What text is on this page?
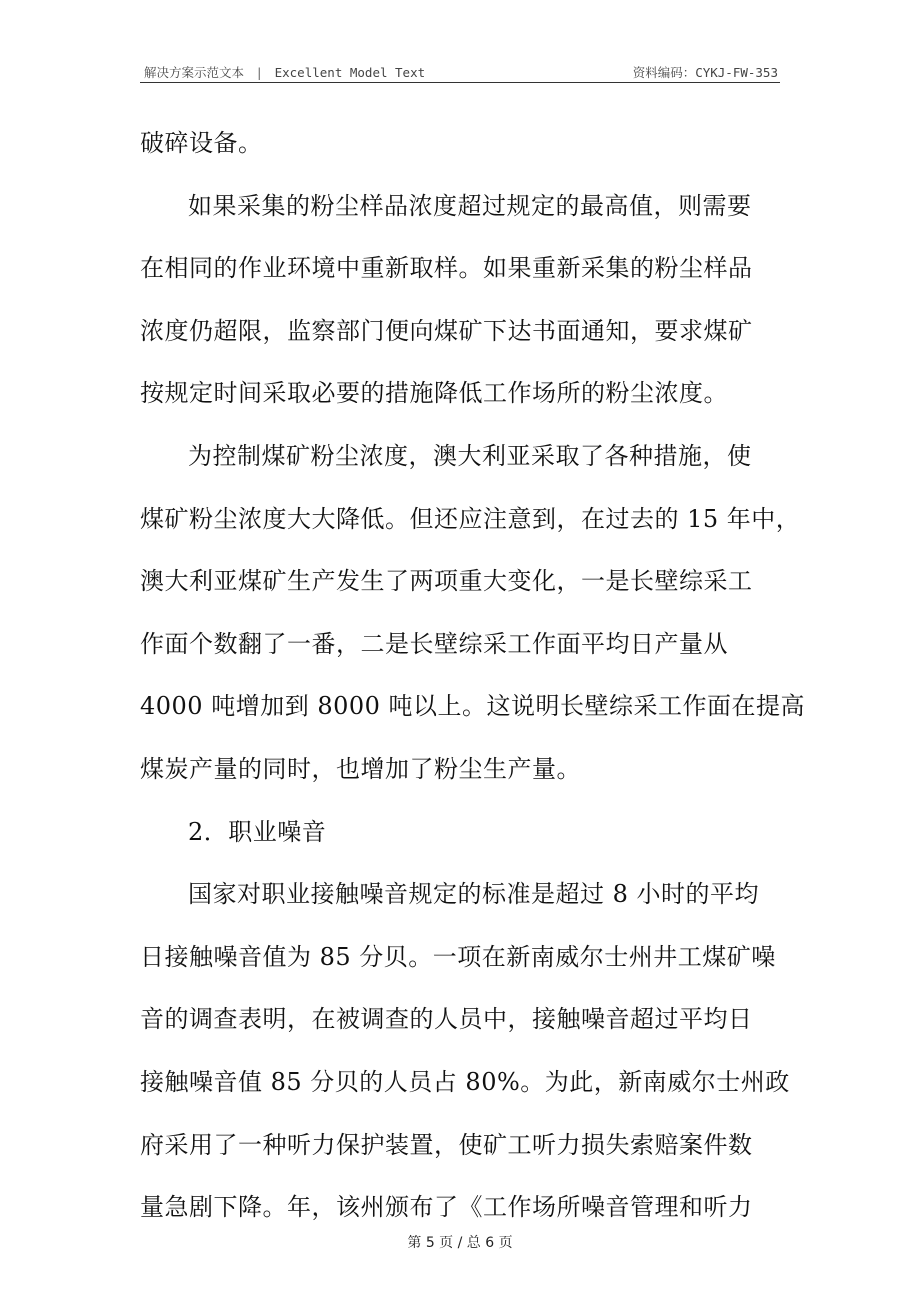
解决方案示范文本 | Excellent Model Text	资料编码：CYKJ-FW-353
破碎设备。
如果采集的粉尘样品浓度超过规定的最高值，则需要
在相同的作业环境中重新取样。如果重新采集的粉尘样品
浓度仍超限，监察部门便向煤矿下达书面通知，要求煤矿
按规定时间采取必要的措施降低工作场所的粉尘浓度。
为控制煤矿粉尘浓度，澳大利亚采取了各种措施，使
煤矿粉尘浓度大大降低。但还应注意到，在过去的 15 年中，
澳大利亚煤矿生产发生了两项重大变化，一是长壁综采工
作面个数翻了一番，二是长壁综采工作面平均日产量从
4000 吨增加到 8000 吨以上。这说明长壁综采工作面在提高
煤炭产量的同时，也增加了粉尘生产量。
2．职业噪音
国家对职业接触噪音规定的标准是超过 8 小时的平均
日接触噪音值为 85 分贝。一项在新南威尔士州井工煤矿噪
音的调查表明，在被调查的人员中，接触噪音超过平均日
接触噪音值 85 分贝的人员占 80%。为此，新南威尔士州政
府采用了一种听力保护装置，使矿工听力损失索赔案件数
量急剧下降。年，该州颁布了《工作场所噪音管理和听力
第 5 页 / 总 6 页
